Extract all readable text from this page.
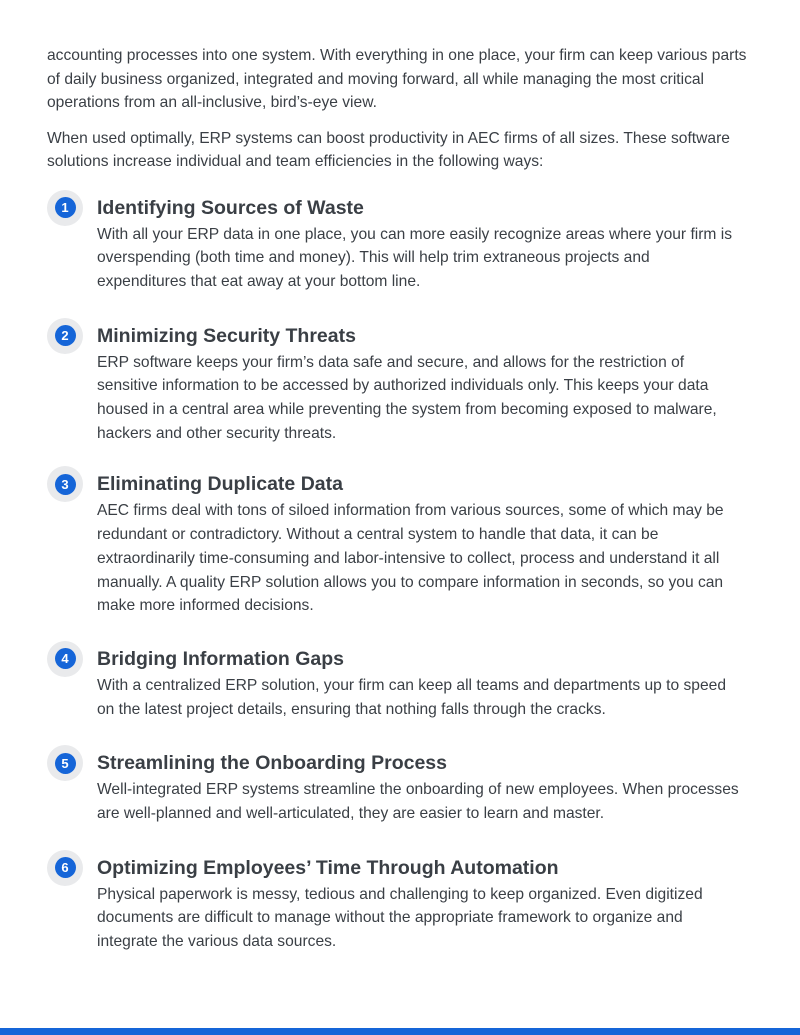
accounting processes into one system. With everything in one place, your firm can keep various parts of daily business organized, integrated and moving forward, all while managing the most critical operations from an all-inclusive, bird’s-eye view.

When used optimally, ERP systems can boost productivity in AEC firms of all sizes. These software solutions increase individual and team efficiencies in the following ways:

1	Identifying Sources of Waste

With all your ERP data in one place, you can more easily recognize areas where your firm is overspending (both time and money). This will help trim extraneous projects and expenditures that eat away at your bottom line.

2	Minimizing Security Threats

ERP software keeps your firm’s data safe and secure, and allows for the restriction of sensitive information to be accessed by authorized individuals only. This keeps your data housed in a central area while preventing the system from becoming exposed to malware, hackers and other security threats.

3	Eliminating Duplicate Data

AEC firms deal with tons of siloed information from various sources, some of which may be redundant or contradictory. Without a central system to handle that data, it can be extraordinarily time-consuming and labor-intensive to collect, process and understand it all manually. A quality ERP solution allows you to compare information in seconds, so you can make more informed decisions.

4	Bridging Information Gaps

With a centralized ERP solution, your firm can keep all teams and departments up to speed on the latest project details, ensuring that nothing falls through the cracks.

5	Streamlining the Onboarding Process

Well-integrated ERP systems streamline the onboarding of new employees. When processes are well-planned and well-articulated, they are easier to learn and master.

6	Optimizing Employees’ Time Through Automation

Physical paperwork is messy, tedious and challenging to keep organized. Even digitized documents are difficult to manage without the appropriate framework to organize and integrate the various data sources.
